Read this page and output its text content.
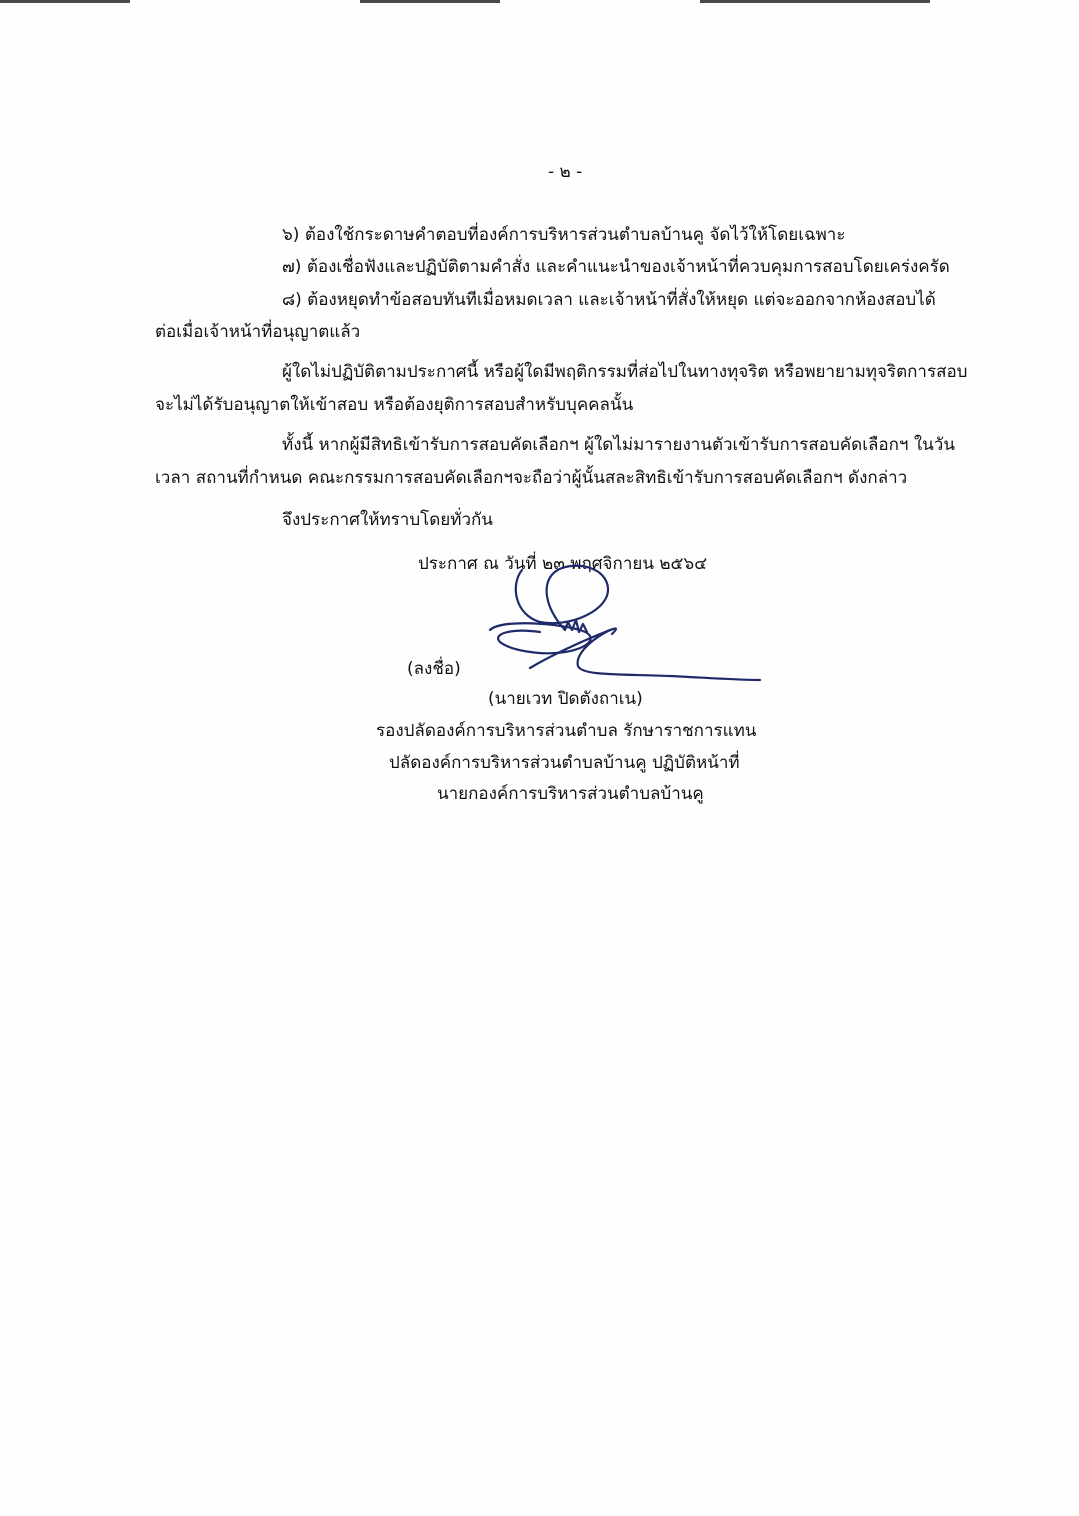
- ๒ -
๖) ต้องใช้กระดาษคำตอบที่องค์การบริหารส่วนตำบลบ้านคู จัดไว้ให้โดยเฉพาะ
๗) ต้องเชื่อฟังและปฏิบัติตามคำสั่ง และคำแนะนำของเจ้าหน้าที่ควบคุมการสอบโดยเคร่งครัด
๘) ต้องหยุดทำข้อสอบทันทีเมื่อหมดเวลา และเจ้าหน้าที่สั่งให้หยุด แต่จะออกจากห้องสอบได้
ต่อเมื่อเจ้าหน้าที่อนุญาตแล้ว
ผู้ใดไม่ปฏิบัติตามประกาศนี้ หรือผู้ใดมีพฤติกรรมที่ส่อไปในทางทุจริต หรือพยายามทุจริตการสอบ
จะไม่ได้รับอนุญาตให้เข้าสอบ หรือต้องยุติการสอบสำหรับบุคคลนั้น
ทั้งนี้ หากผู้มีสิทธิเข้ารับการสอบคัดเลือกฯ ผู้ใดไม่มารายงานตัวเข้ารับการสอบคัดเลือกฯ ในวัน
เวลา สถานที่กำหนด คณะกรรมการสอบคัดเลือกฯจะถือว่าผู้นั้นสละสิทธิเข้ารับการสอบคัดเลือกฯ ดังกล่าว
จึงประกาศให้ทราบโดยทั่วกัน
ประกาศ ณ วันที่ ๒๓ พฤศจิกายน ๒๕๖๔
(ลงชื่อ)
(นายเวท ปิดตังถาเน)
รองปลัดองค์การบริหารส่วนตำบล รักษาราชการแทน
ปลัดองค์การบริหารส่วนตำบลบ้านคู ปฏิบัติหน้าที่
นายกองค์การบริหารส่วนตำบลบ้านคู
